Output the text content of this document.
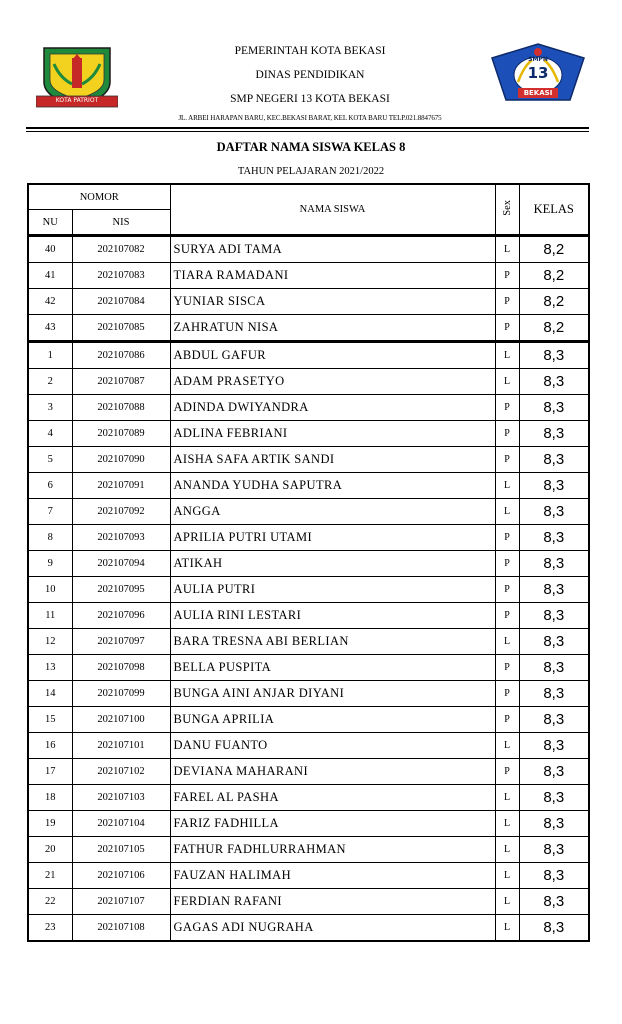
KOTA PATRIOT
SMPN
13
BEKASI
PEMERINTAH KOTA BEKASI
DINAS PENDIDIKAN
SMP NEGERI 13 KOTA BEKASI
JL. ARBEI HARAPAN BARU, KEC.BEKASI BARAT, KEL KOTA BARU TELP.021.8847675
DAFTAR NAMA SISWA KELAS 8
TAHUN PELAJARAN 2021/2022
NOMOR		NAMA SISWA	Sex	KELAS
NU	NIS			
40	202107082	SURYA ADI TAMA	L	8,2
41	202107083	TIARA RAMADANI	P	8,2
42	202107084	YUNIAR SISCA	P	8,2
43	202107085	ZAHRATUN NISA	P	8,2
1	202107086	ABDUL GAFUR	L	8,3
2	202107087	ADAM PRASETYO	L	8,3
3	202107088	ADINDA DWIYANDRA	P	8,3
4	202107089	ADLINA FEBRIANI	P	8,3
5	202107090	AISHA SAFA ARTIK SANDI	P	8,3
6	202107091	ANANDA YUDHA SAPUTRA	L	8,3
7	202107092	ANGGA	L	8,3
8	202107093	APRILIA PUTRI UTAMI	P	8,3
9	202107094	ATIKAH	P	8,3
10	202107095	AULIA PUTRI	P	8,3
11	202107096	AULIA RINI LESTARI	P	8,3
12	202107097	BARA TRESNA ABI BERLIAN	L	8,3
13	202107098	BELLA PUSPITA	P	8,3
14	202107099	BUNGA AINI ANJAR DIYANI	P	8,3
15	202107100	BUNGA APRILIA	P	8,3
16	202107101	DANU FUANTO	L	8,3
17	202107102	DEVIANA MAHARANI	P	8,3
18	202107103	FAREL AL PASHA	L	8,3
19	202107104	FARIZ FADHILLA	L	8,3
20	202107105	FATHUR FADHLURRAHMAN	L	8,3
21	202107106	FAUZAN HALIMAH	L	8,3
22	202107107	FERDIAN RAFANI	L	8,3
23	202107108	GAGAS ADI NUGRAHA	L	8,3
